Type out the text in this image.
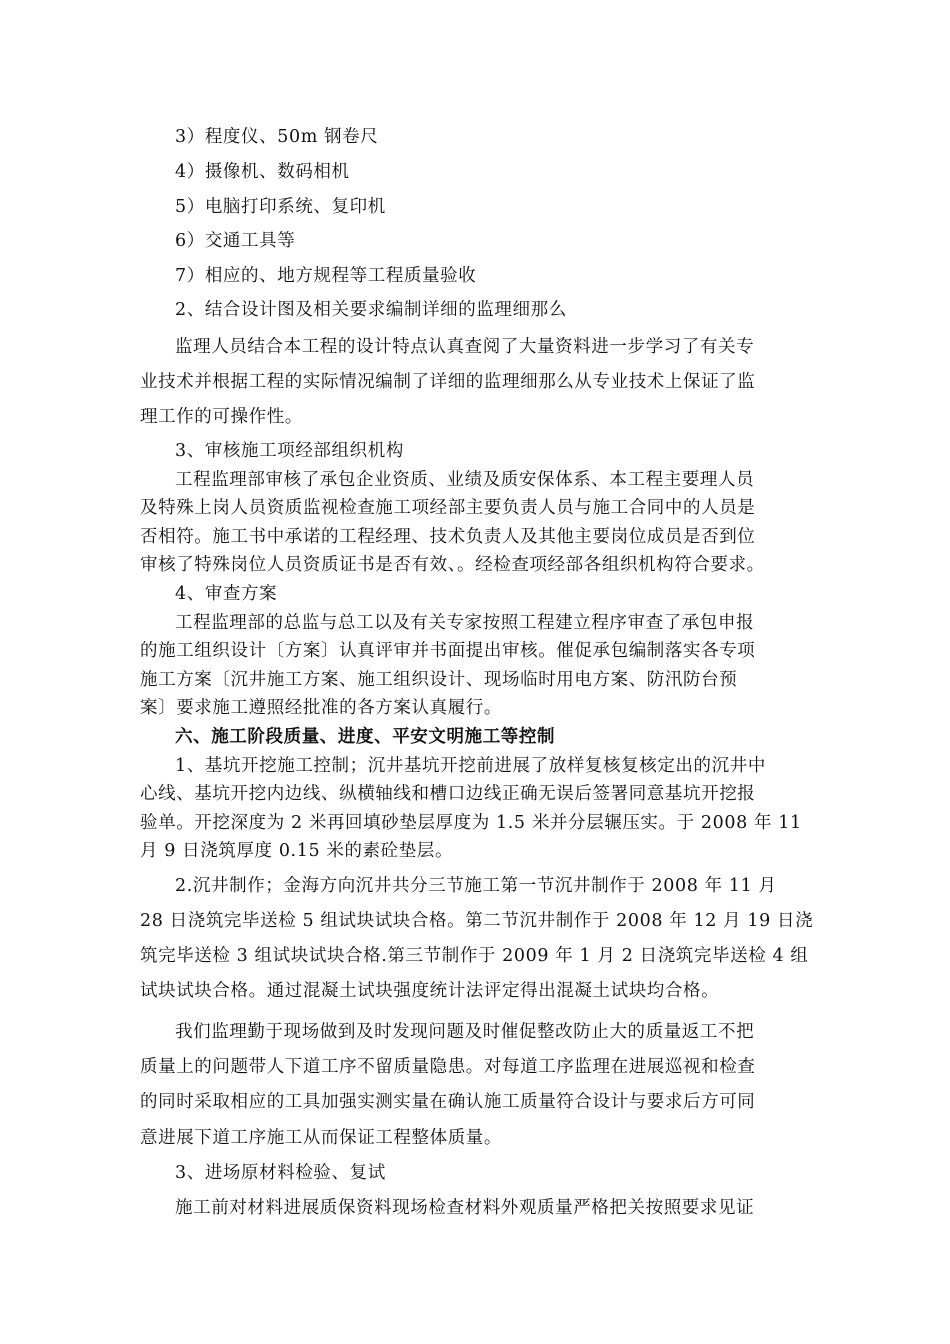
3）程度仪、50m 钢卷尺
4）摄像机、数码相机
5）电脑打印系统、复印机
6）交通工具等
7）相应的、地方规程等工程质量验收
2、结合设计图及相关要求编制详细的监理细那么
监理人员结合本工程的设计特点认真查阅了大量资料进一步学习了有关专
业技术并根据工程的实际情况编制了详细的监理细那么从专业技术上保证了监
理工作的可操作性。
3、审核施工项经部组织机构
工程监理部审核了承包企业资质、业绩及质安保体系、本工程主要理人员
及特殊上岗人员资质监视检查施工项经部主要负责人员与施工合同中的人员是
否相符。施工书中承诺的工程经理、技术负责人及其他主要岗位成员是否到位
审核了特殊岗位人员资质证书是否有效、。经检查项经部各组织机构符合要求。
4、审查方案
工程监理部的总监与总工以及有关专家按照工程建立程序审查了承包申报
的施工组织设计〔方案〕认真评审并书面提出审核。催促承包编制落实各专项
施工方案〔沉井施工方案、施工组织设计、现场临时用电方案、防汛防台预
案〕要求施工遵照经批准的各方案认真履行。
六、施工阶段质量、进度、平安文明施工等控制
1、基坑开挖施工控制；沉井基坑开挖前进展了放样复核复核定出的沉井中
心线、基坑开挖内边线、纵横轴线和槽口边线正确无误后签署同意基坑开挖报
验单。开挖深度为 2 米再回填砂垫层厚度为 1.5 米并分层辗压实。于 2008 年 11
月 9 日浇筑厚度 0.15 米的素砼垫层。
2.沉井制作；金海方向沉井共分三节施工第一节沉井制作于 2008 年 11 月
28 日浇筑完毕送检 5 组试块试块合格。第二节沉井制作于 2008 年 12 月 19 日浇
筑完毕送检 3 组试块试块合格.第三节制作于 2009 年 1 月 2 日浇筑完毕送检 4 组
试块试块合格。通过混凝土试块强度统计法评定得出混凝土试块均合格。
我们监理勤于现场做到及时发现问题及时催促整改防止大的质量返工不把
质量上的问题带人下道工序不留质量隐患。对每道工序监理在进展巡视和检查
的同时采取相应的工具加强实测实量在确认施工质量符合设计与要求后方可同
意进展下道工序施工从而保证工程整体质量。
3、进场原材料检验、复试
施工前对材料进展质保资料现场检查材料外观质量严格把关按照要求见证
